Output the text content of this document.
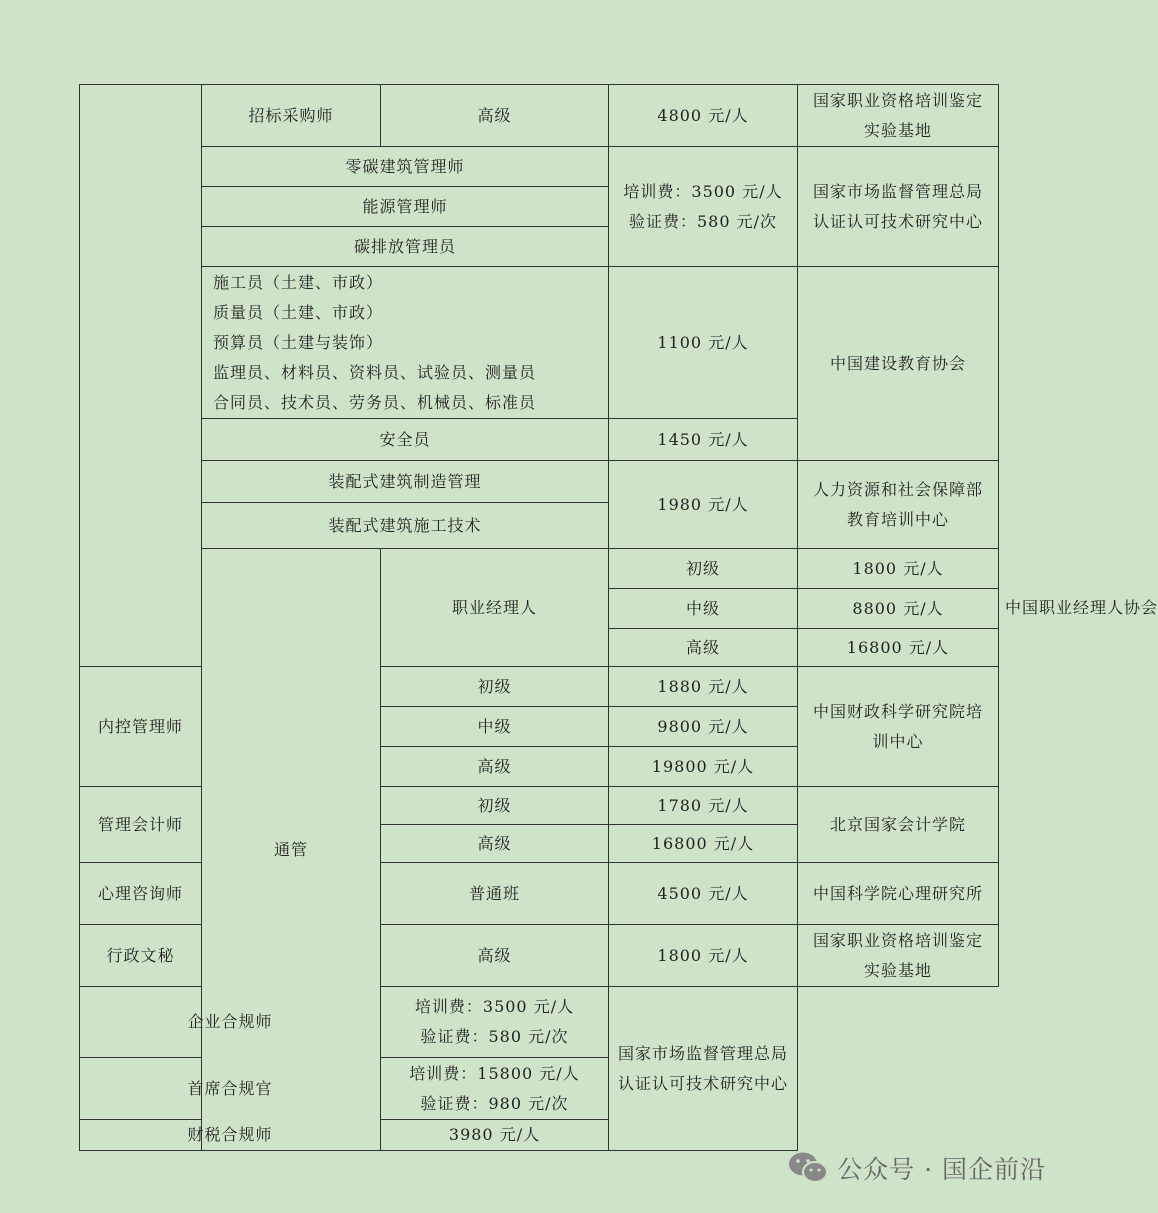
	招标采购师	高级	4800 元/人	国家职业资格培训鉴定
实验基地	

	零碳建筑管理师		培训费：3500 元/人
验证费：580 元/次	国家市场监督管理总局
认证认可技术研究中心	

	能源管理师				
	碳排放管理员				

	施工员（土建、市政）
质量员（土建、市政）
预算员（土建与装饰）
监理员、材料员、资料员、试验员、测量员
合同员、技术员、劳务员、机械员、标准员		1100 元/人	中国建设教育协会	
	安全员		1450 元/人		
	装配式建筑制造管理		1980 元/人	人力资源和社会保障部
教育培训中心	

	装配式建筑施工技术				
	通管	职业经理人	初级	1800 元/人	中国职业经理人协会
			中级	8800 元/人	
			高级	16800 元/人	
内控管理师		初级	1880 元/人	中国财政科学研究院培
训中心	

		中级	9800 元/人		
		高级	19800 元/人		
管理会计师		初级	1780 元/人	北京国家会计学院	
		高级	16800 元/人		
心理咨询师		普通班	4500 元/人	中国科学院心理研究所	
行政文秘		高级	1800 元/人	国家职业资格培训鉴定
实验基地	

企业合规师		培训费：3500 元/人
验证费：580 元/次	国家市场监督管理总局
认证认可技术研究中心		

首席合规官		培训费：15800 元/人
验证费：980 元/次			

财税合规师		3980 元/人			
公众号 · 国企前沿
